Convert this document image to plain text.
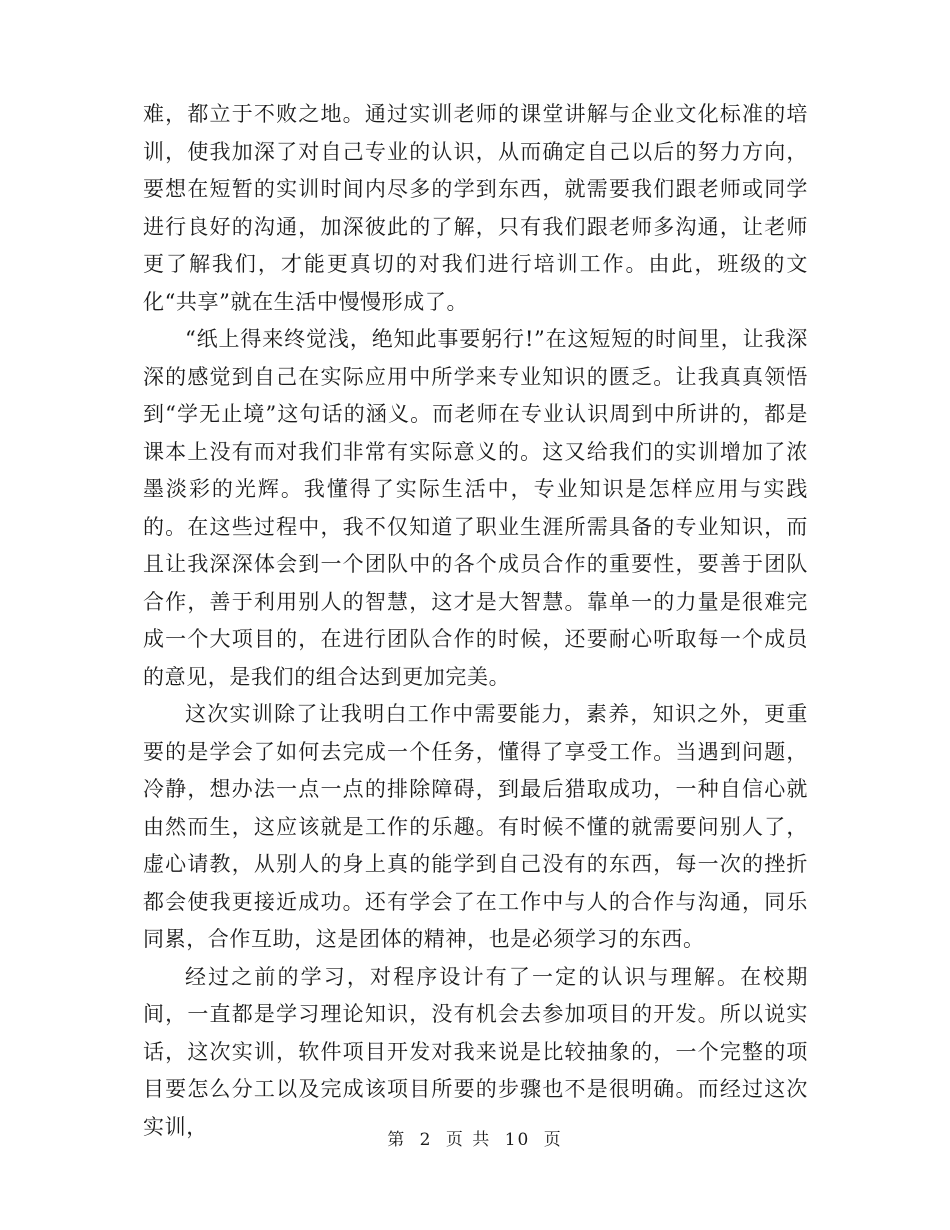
难，都立于不败之地。通过实训老师的课堂讲解与企业文化标准的培训，使我加深了对自己专业的认识，从而确定自己以后的努力方向，要想在短暂的实训时间内尽多的学到东西，就需要我们跟老师或同学进行良好的沟通，加深彼此的了解，只有我们跟老师多沟通，让老师更了解我们，才能更真切的对我们进行培训工作。由此，班级的文化“共享”就在生活中慢慢形成了。

“纸上得来终觉浅，绝知此事要躬行!”在这短短的时间里，让我深深的感觉到自己在实际应用中所学来专业知识的匮乏。让我真真领悟到“学无止境”这句话的涵义。而老师在专业认识周到中所讲的，都是课本上没有而对我们非常有实际意义的。这又给我们的实训增加了浓墨淡彩的光辉。我懂得了实际生活中，专业知识是怎样应用与实践的。在这些过程中，我不仅知道了职业生涯所需具备的专业知识，而且让我深深体会到一个团队中的各个成员合作的重要性，要善于团队合作，善于利用别人的智慧，这才是大智慧。靠单一的力量是很难完成一个大项目的，在进行团队合作的时候，还要耐心听取每一个成员的意见，是我们的组合达到更加完美。

这次实训除了让我明白工作中需要能力，素养，知识之外，更重要的是学会了如何去完成一个任务，懂得了享受工作。当遇到问题，冷静，想办法一点一点的排除障碍，到最后猎取成功，一种自信心就由然而生，这应该就是工作的乐趣。有时候不懂的就需要问别人了，虚心请教，从别人的身上真的能学到自己没有的东西，每一次的挫折都会使我更接近成功。还有学会了在工作中与人的合作与沟通，同乐同累，合作互助，这是团体的精神，也是必须学习的东西。

经过之前的学习，对程序设计有了一定的认识与理解。在校期间，一直都是学习理论知识，没有机会去参加项目的开发。所以说实话，这次实训，软件项目开发对我来说是比较抽象的，一个完整的项目要怎么分工以及完成该项目所要的步骤也不是很明确。而经过这次实训，

第 2 页 共 10 页
